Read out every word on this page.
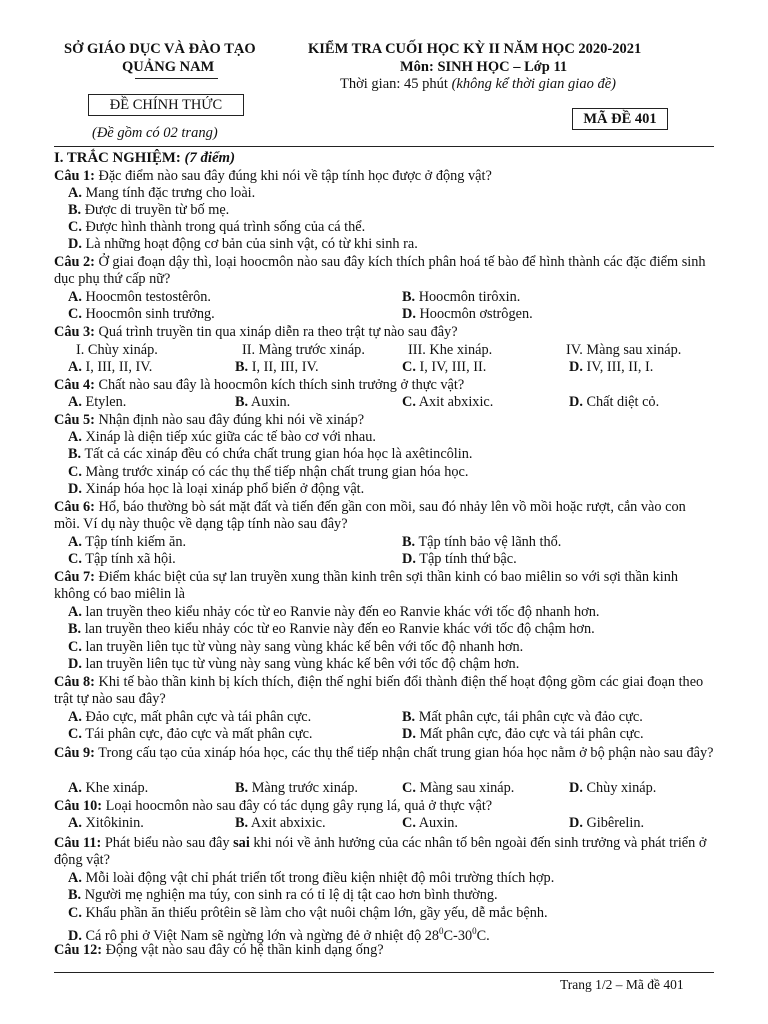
SỞ GIÁO DỤC VÀ ĐÀO TẠO
QUẢNG NAM
KIỂM TRA CUỐI HỌC KỲ II NĂM HỌC 2020-2021
Môn: SINH HỌC – Lớp 11
Thời gian: 45 phút (không kể thời gian giao đề)
ĐỀ CHÍNH THỨC
(Đề gồm có 02 trang)
MÃ ĐỀ 401
I. TRẮC NGHIỆM: (7 điểm)
Câu 1: Đặc điểm nào sau đây đúng khi nói về tập tính học được ở động vật?
A. Mang tính đặc trưng cho loài.
B. Được di truyền từ bố mẹ.
C. Được hình thành trong quá trình sống của cá thể.
D. Là những hoạt động cơ bản của sinh vật, có từ khi sinh ra.
Câu 2: Ở giai đoạn dậy thì, loại hoocmôn nào sau đây kích thích phân hoá tế bào để hình thành các đặc điểm sinh dục phụ thứ cấp nữ?
A. Hoocmôn testostêrôn.	B. Hoocmôn tirôxin.
C. Hoocmôn sinh trưởng.	D. Hoocmôn ơstrôgen.
Câu 3: Quá trình truyền tin qua xináp diễn ra theo trật tự nào sau đây?
I. Chùy xináp.	II. Màng trước xináp.	III. Khe xináp.	IV. Màng sau xináp.
A. I, III, II, IV.	B. I, II, III, IV.	C. I, IV, III, II.	D. IV, III, II, I.
Câu 4: Chất nào sau đây là hoocmôn kích thích sinh trưởng ở thực vật?
A. Etylen.	B. Auxin.	C. Axit abxixic.	D. Chất diệt cỏ.
Câu 5: Nhận định nào sau đây đúng khi nói về xináp?
A. Xináp là diện tiếp xúc giữa các tế bào cơ với nhau.
B. Tất cả các xináp đều có chứa chất trung gian hóa học là axêtincôlin.
C. Màng trước xináp có các thụ thể tiếp nhận chất trung gian hóa học.
D. Xináp hóa học là loại xináp phổ biến ở động vật.
Câu 6: Hổ, báo thường bò sát mặt đất và tiến đến gần con mồi, sau đó nhảy lên vồ mồi hoặc rượt, cắn vào con mồi. Ví dụ này thuộc về dạng tập tính nào sau đây?
A. Tập tính kiếm ăn.	B. Tập tính bảo vệ lãnh thổ.
C. Tập tính xã hội.	D. Tập tính thứ bậc.
Câu 7: Điểm khác biệt của sự lan truyền xung thần kinh trên sợi thần kinh có bao miêlin so với sợi thần kinh không có bao miêlin là
A. lan truyền theo kiểu nhảy cóc từ eo Ranvie này đến eo Ranvie khác với tốc độ nhanh hơn.
B. lan truyền theo kiểu nhảy cóc từ eo Ranvie này đến eo Ranvie khác với tốc độ chậm hơn.
C. lan truyền liên tục từ vùng này sang vùng khác kế bên với tốc độ nhanh hơn.
D. lan truyền liên tục từ vùng này sang vùng khác kế bên với tốc độ chậm hơn.
Câu 8: Khi tế bào thần kinh bị kích thích, điện thế nghỉ biến đổi thành điện thế hoạt động gồm các giai đoạn theo trật tự nào sau đây?
A. Đảo cực, mất phân cực và tái phân cực.	B. Mất phân cực, tái phân cực và đảo cực.
C. Tái phân cực, đảo cực và mất phân cực.	D. Mất phân cực, đảo cực và tái phân cực.
Câu 9: Trong cấu tạo của xináp hóa học, các thụ thể tiếp nhận chất trung gian hóa học nằm ở bộ phận nào sau đây?
A. Khe xináp.	B. Màng trước xináp.	C. Màng sau xináp.	D. Chùy xináp.
Câu 10: Loại hoocmôn nào sau đây có tác dụng gây rụng lá, quả ở thực vật?
A. Xitôkinin.	B. Axit abxixic.	C. Auxin.	D. Gibêrelin.
Câu 11: Phát biểu nào sau đây sai khi nói về ảnh hưởng của các nhân tố bên ngoài đến sinh trưởng và phát triển ở động vật?
A. Mỗi loài động vật chỉ phát triển tốt trong điều kiện nhiệt độ môi trường thích hợp.
B. Người mẹ nghiện ma túy, con sinh ra có tỉ lệ dị tật cao hơn bình thường.
C. Khẩu phần ăn thiếu prôtêin sẽ làm cho vật nuôi chậm lớn, gầy yếu, dễ mắc bệnh.
D. Cá rô phi ở Việt Nam sẽ ngừng lớn và ngừng đẻ ở nhiệt độ $28^0C-30^0C$.
Câu 12: Động vật nào sau đây có hệ thần kinh dạng ống?
Trang 1/2 – Mã đề 401
